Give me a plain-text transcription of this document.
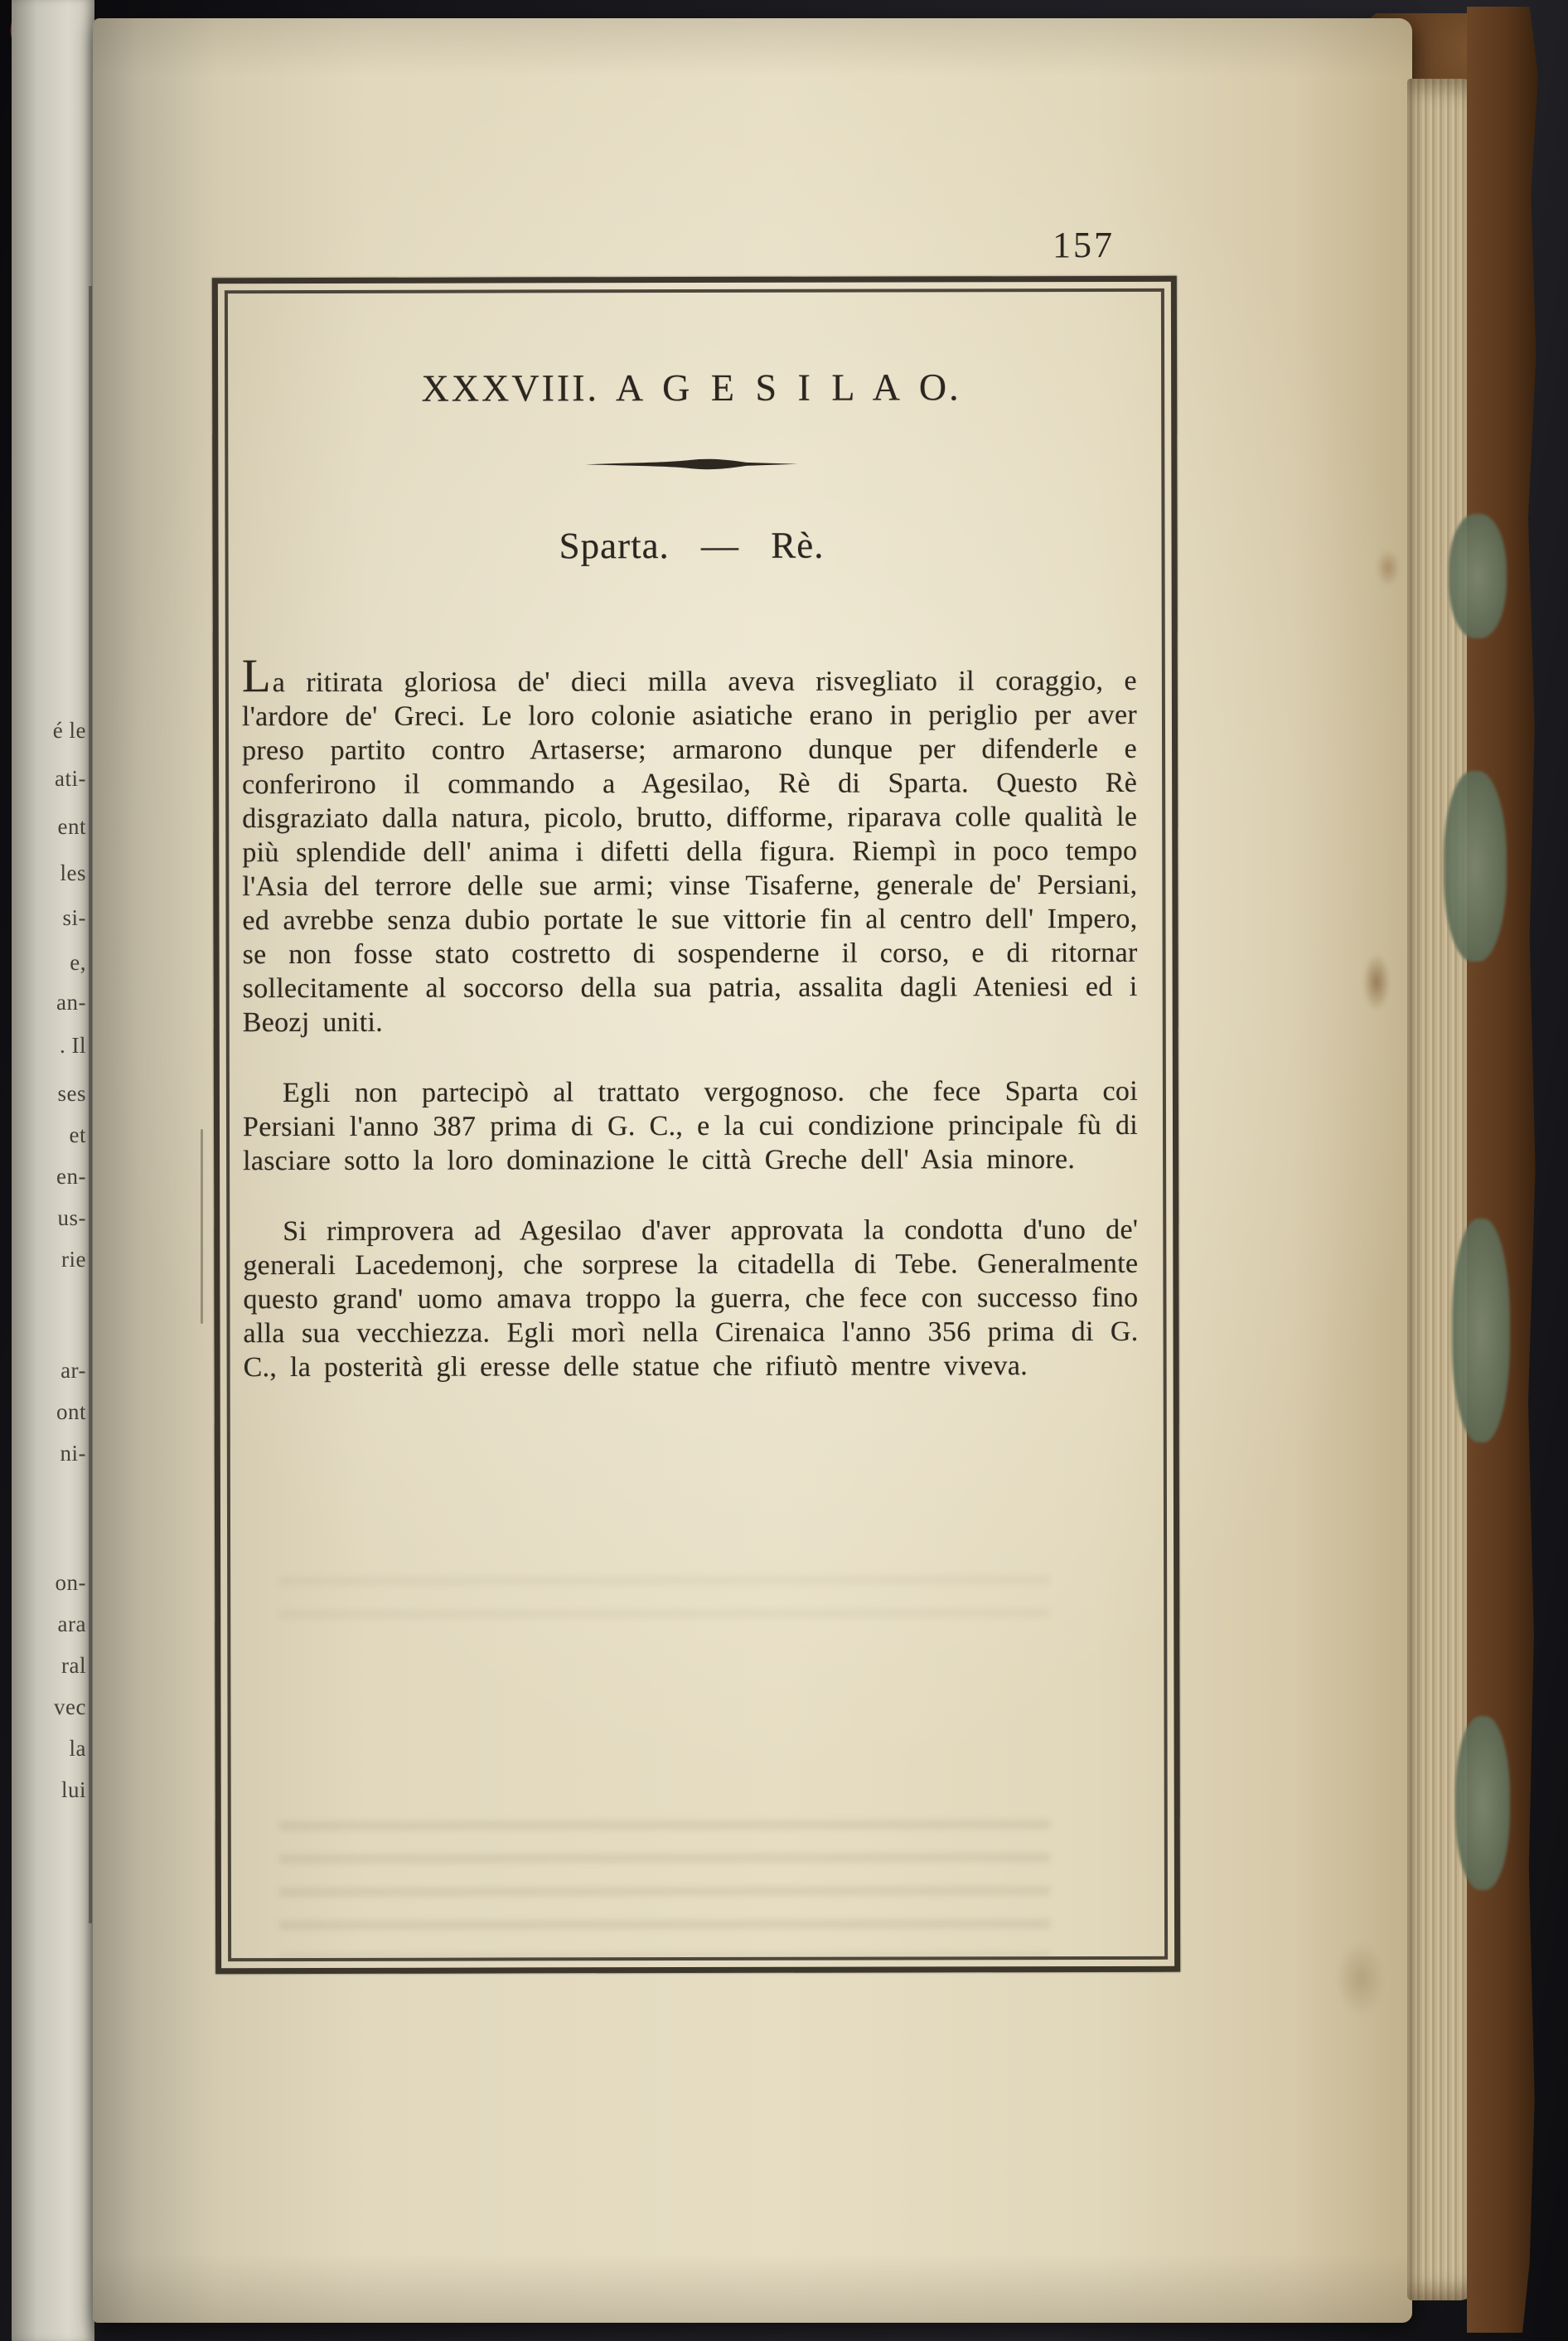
é le
ati-
ent
les
si-
e,
an-
. Il
ses
et
en-
us-
rie
ar-
ont
ni-
on-
ara
ral
vec
la
lui
157
XXXVIII. A G E S I L A O.
Sparta. — Rè.

La ritirata gloriosa de' dieci milla aveva risvegliato il coraggio, e l'ardore de' Greci. Le loro colonie asiatiche erano in periglio per aver preso partito contro Artaserse; armarono dunque per difenderle e conferirono il commando a Agesilao, Rè di Sparta. Questo Rè disgraziato dalla natura, picolo, brutto, difforme, riparava colle qualità le più splendide dell' anima i difetti della figura. Riempì in poco tempo l'Asia del terrore delle sue armi; vinse Tisaferne, generale de' Persiani, ed avrebbe senza dubio portate le sue vittorie fin al centro dell' Impero, se non fosse stato costretto di sospenderne il corso, e di ritornar sollecitamente al soccorso della sua patria, assalita dagli Ateniesi ed i Beozj uniti.

Egli non partecipò al trattato vergognoso. che fece Sparta coi Persiani l'anno 387 prima di G. C., e la cui condizione principale fù di lasciare sotto la loro dominazione le città Greche dell' Asia minore.

Si rimprovera ad Agesilao d'aver approvata la condotta d'uno de' generali Lacedemonj, che sorprese la citadella di Tebe. Generalmente questo grand' uomo amava troppo la guerra, che fece con successo fino alla sua vecchiezza. Egli morì nella Cirenaica l'anno 356 prima di G. C., la posterità gli eresse delle statue che rifiutò mentre viveva.
